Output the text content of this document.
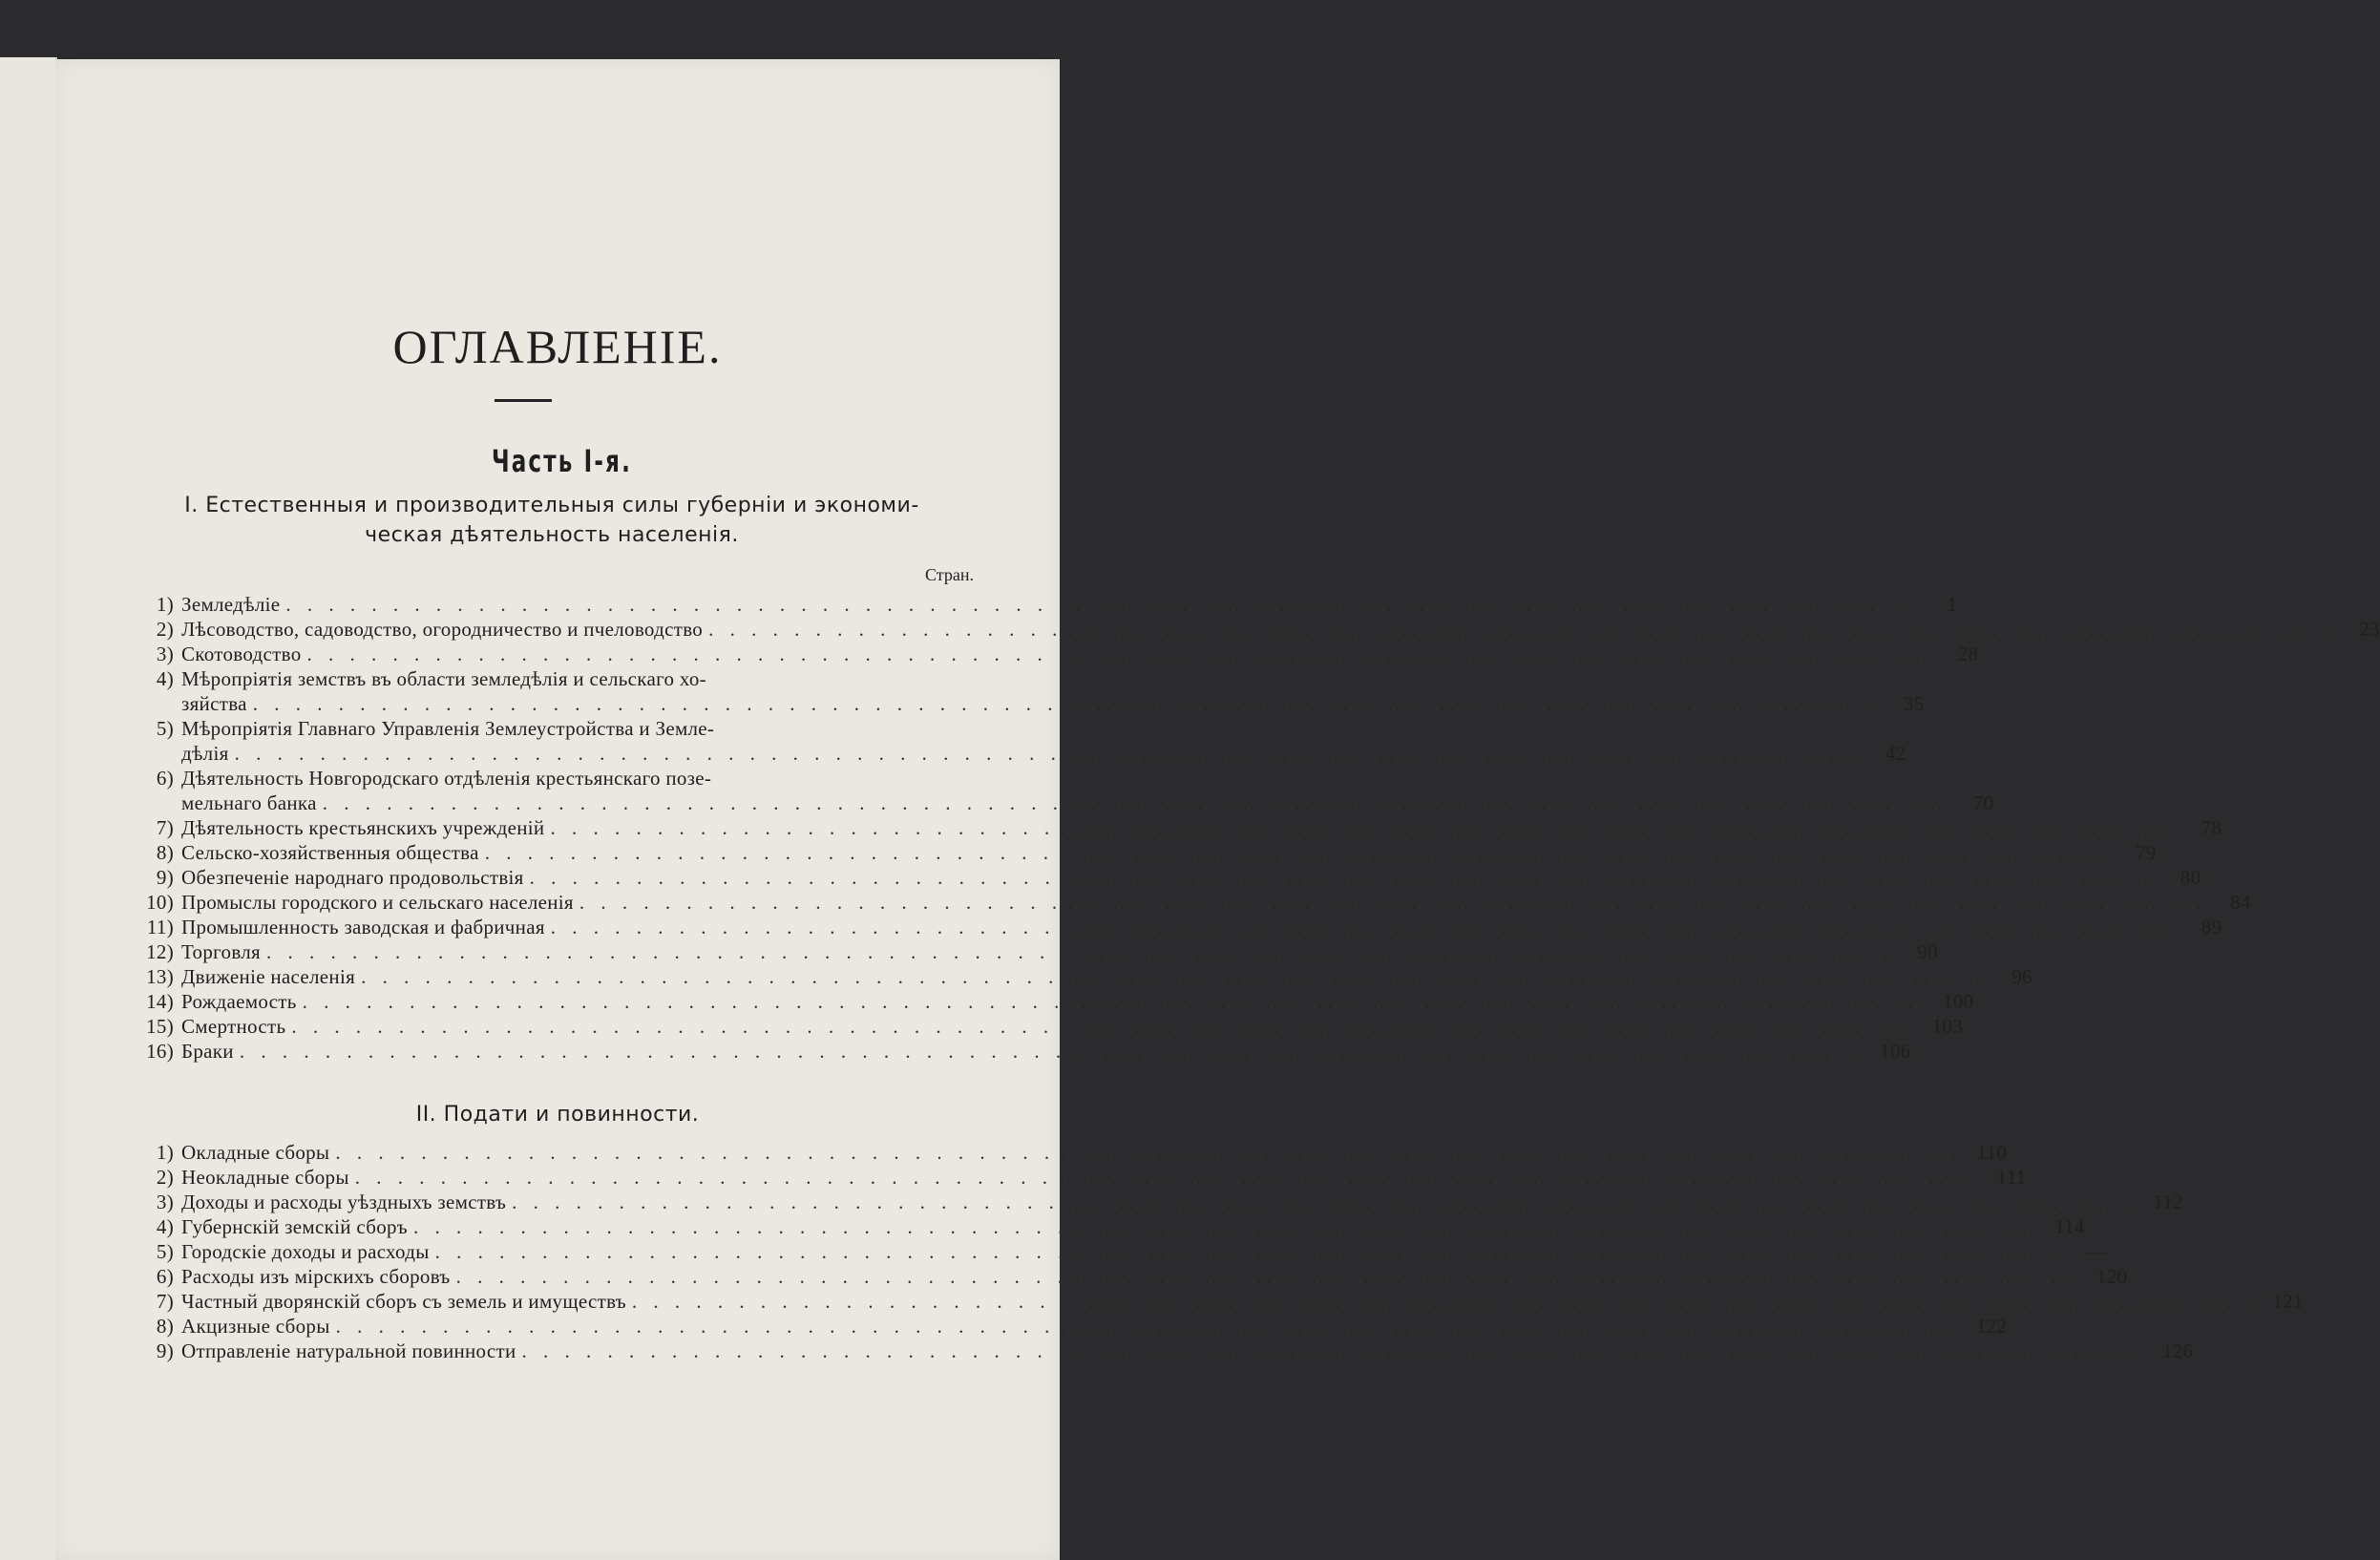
ОГЛАВЛЕНІЕ.
Часть І-я.
I. Естественныя и производительныя силы губерніи и экономи-
ческая дѣятельность населенія.
Стран.
1) Земледѣліе . . .	1
2) Лѣсоводство, садоводство, огородничество и пчеловодство . . .	23
3) Скотоводство . . .	28
4) Мѣропріятія земствъ въ области земледѣлія и сельскаго хо-
зяйства . . .	35
5) Мѣропріятія Главнаго Управленія Землеустройства и Земле-
дѣлія . . .	42
6) Дѣятельность Новгородскаго отдѣленія крестьянскаго позе-
мельнаго банка . . .	70
7) Дѣятельность крестьянскихъ учрежденій . . .	78
8) Сельско-хозяйственныя общества . . .	79
9) Обезпеченіе народнаго продовольствія . . .	80
10) Промыслы городского и сельскаго населенія . . .	84
11) Промышленность заводская и фабричная . . .	89
12) Торговля . . .	90
13) Движеніе населенія . . .	96
14) Рождаемость . . .	100
15) Смертность . . .	103
16) Браки . . .	106
II. Подати и повинности.
1) Окладные сборы . . .	110
2) Неокладные сборы . . .	111
3) Доходы и расходы уѣздныхъ земствъ . . .	112
4) Губернскій земскій сборъ . . .	114
5) Городскіе доходы и расходы . . .	—
6) Расходы изъ мірскихъ сборовъ . . .	120
7) Частный дворянскій сборъ съ земель и имуществъ . . .	121
8) Акцизные сборы . . .	122
9) Отправленіе натуральной повинности . . .	126
